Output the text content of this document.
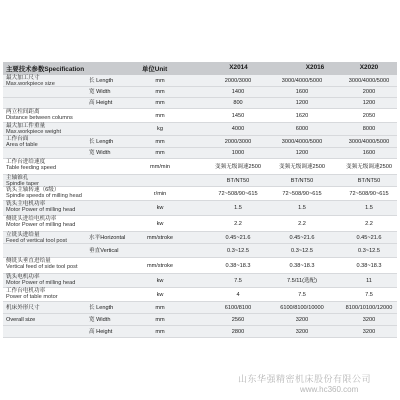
主要技术参数Specification	单位Unit	X2014	X2016	X2020
最大加工尺寸
Max.workpiece size	长 Length	mm	2000/3000	3000/4000/5000	3000/4000/5000
宽 Width	mm	1400	1600	2000
高 Height	mm	800	1200	1200
两立柱间距离
Distance between columns	mm	1450	1620	2050
最大加工件重量
Max.workpiece weight	kg	4000	6000	8000
工作台面
Area of table	长 Length	mm	2000/3000	3000/4000/5000	3000/4000/5000
宽 Width	mm	1000	1200	1600
工作台进给速度
Table feeding speed	mm/min	变频无级调速2500	变频无级调速2500	变频无级调速2500
主轴锥孔
Spindle taper	BT/NT50	BT/NT50	BT/NT50
铣头主轴转速（6级）
Spindle speeds of milling head	r/min	72~508/90~615	72~508/90~615	72~508/90~615
铣头主电机功率
Motor Power of milling head	kw	1.5	1.5	1.5
侧铣头进给电机功率
Motor Power of milling head	kw	2.2	2.2	2.2
立铣头进给量
Feed of vertical tool post	水平Horizontal	mm/stroke	0.45~21.6	0.45~21.6	0.45~21.6
垂直Vertical	0.3~12.5	0.3~12.5	0.3~12.5
侧铣头垂直进给量
Vertical feed of side tool post	mm/stroke	0.38~18.3	0.38~18.3	0.38~18.3
铣头电机功率
Motor Power of milling head	kw	7.5	7.5/11(选配)	11
工作台电机功率
Power of table motor	kw	4	7.5	7.5
机床外形尺寸	长 Length	mm	6100/8100	6100/8100/10000	8100/10100/12000
Overall size	宽 Width	mm	2560	3200	3200
高 Height	mm	2800	3200	3200
山东华强精密机床股份有限公司
www.hc360.com
